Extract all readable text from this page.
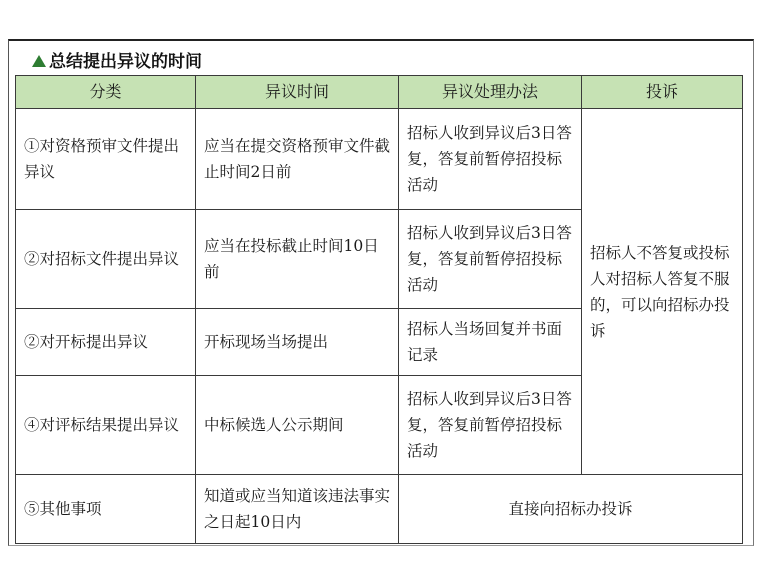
总结提出异议的时间
分类	异议时间	异议处理办法	投诉
①对资格预审文件提出异议	应当在提交资格预审文件截止时间2日前	招标人收到异议后3日答复，答复前暂停招投标活动	招标人不答复或投标人对招标人答复不服的，可以向招标办投诉
②对招标文件提出异议	应当在投标截止时间10日前	招标人收到异议后3日答复，答复前暂停招投标活动	
②对开标提出异议	开标现场当场提出	招标人当场回复并书面记录	
④对评标结果提出异议	中标候选人公示期间	招标人收到异议后3日答复，答复前暂停招投标活动	
⑤其他事项	知道或应当知道该违法事实之日起10日内	直接向招标办投诉	
